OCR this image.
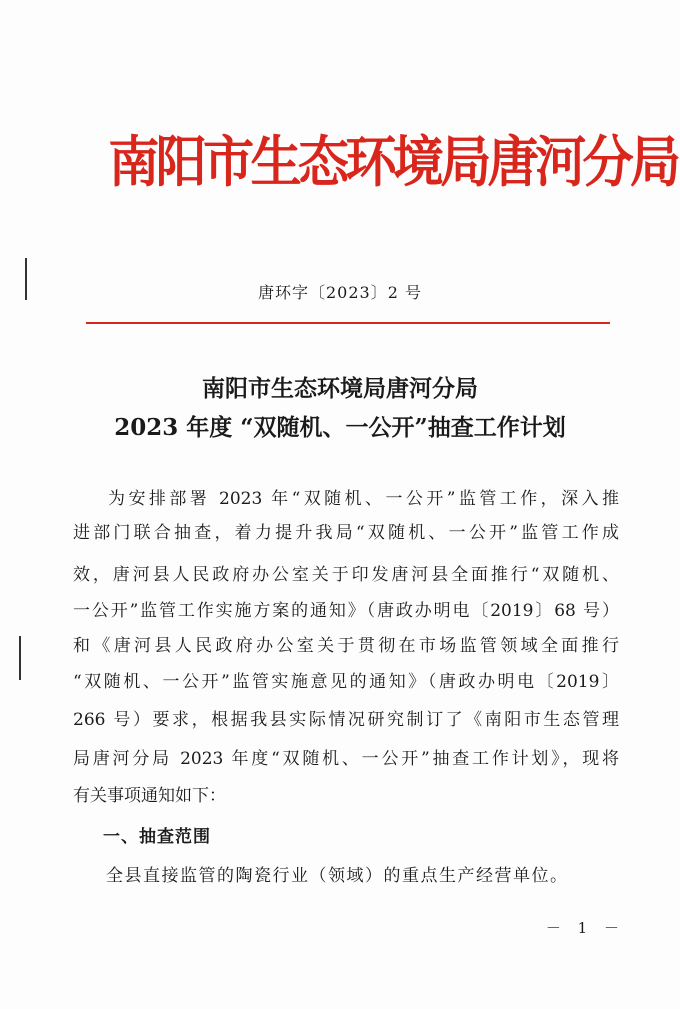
南阳市生态环境局唐河分局
唐环字〔2023〕2 号
南阳市生态环境局唐河分局
2023 年度 “双随机、一公开”抽查工作计划
为安排部署 2023 年“双随机、一公开”监管工作，深入推
进部门联合抽查，着力提升我局“双随机、一公开”监管工作成
效，唐河县人民政府办公室关于印发唐河县全面推行“双随机、
一公开”监管工作实施方案的通知》（唐政办明电〔2019〕68 号）
和《唐河县人民政府办公室关于贯彻在市场监管领域全面推行
“双随机、一公开”监管实施意见的通知》（唐政办明电〔2019〕
266 号）要求，根据我县实际情况研究制订了《南阳市生态管理
局唐河分局 2023 年度“双随机、一公开”抽查工作计划》，现将
有关事项通知如下：
一、抽查范围
全县直接监管的陶瓷行业（领域）的重点生产经营单位。
－ 1 －
